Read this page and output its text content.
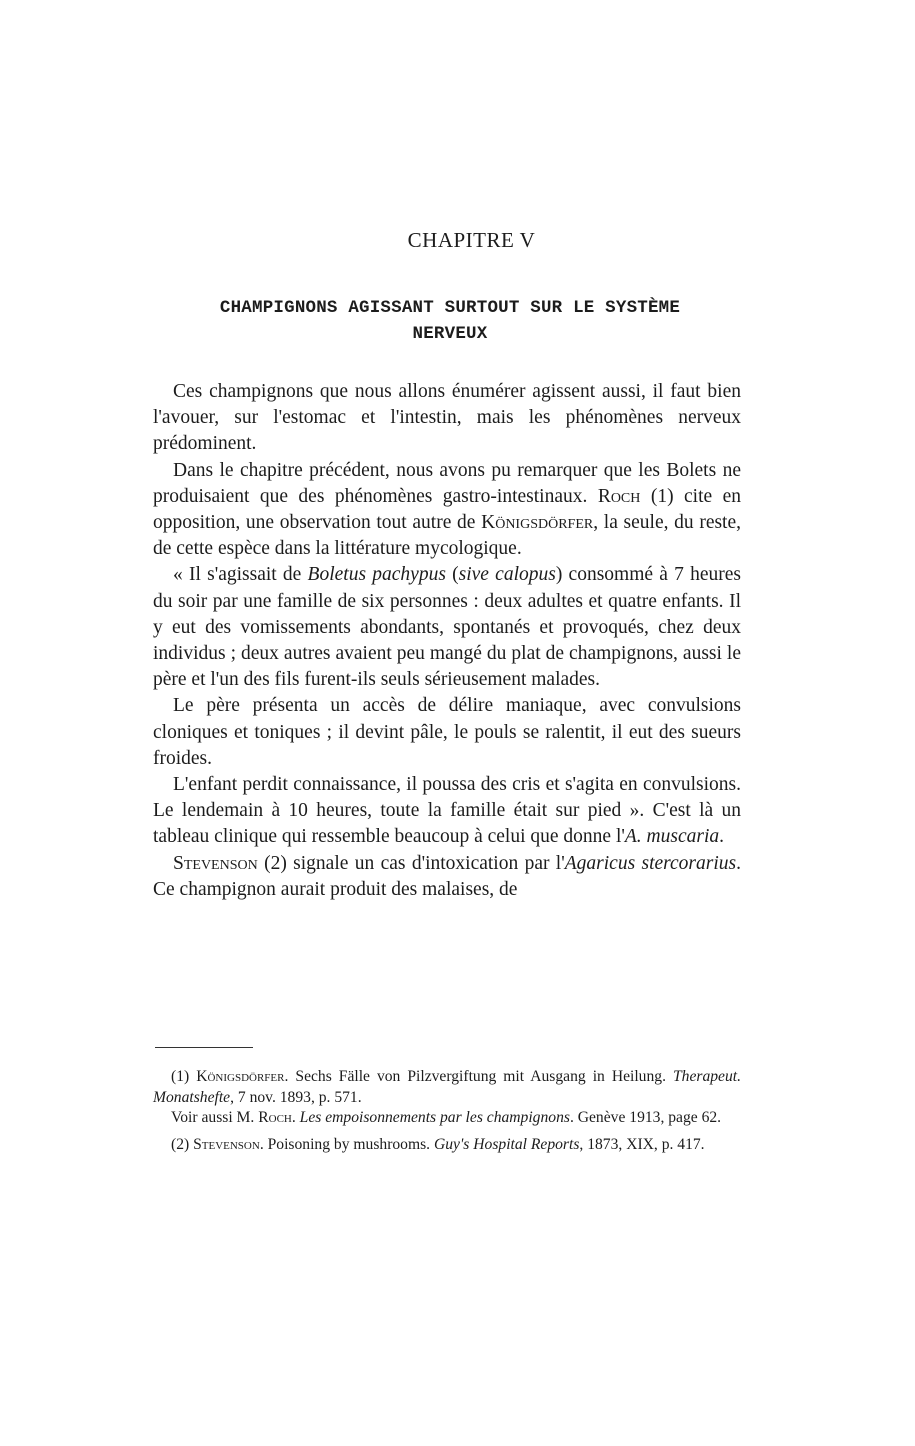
CHAPITRE V
CHAMPIGNONS AGISSANT SURTOUT SUR LE SYSTÈME
NERVEUX

Ces champignons que nous allons énumérer agissent aussi, il faut bien l'avouer, sur l'estomac et l'intestin, mais les phénomènes nerveux prédominent.

Dans le chapitre précédent, nous avons pu remarquer que les Bolets ne produisaient que des phénomènes gastro-intestinaux. Roch (1) cite en opposition, une observation tout autre de Königsdörfer, la seule, du reste, de cette espèce dans la littérature mycologique.

« Il s'agissait de Boletus pachypus (sive calopus) consommé à 7 heures du soir par une famille de six personnes : deux adultes et quatre enfants. Il y eut des vomissements abondants, spontanés et provoqués, chez deux individus ; deux autres avaient peu mangé du plat de champignons, aussi le père et l'un des fils furent-ils seuls sérieusement malades.

Le père présenta un accès de délire maniaque, avec convulsions cloniques et toniques ; il devint pâle, le pouls se ralentit, il eut des sueurs froides.

L'enfant perdit connaissance, il poussa des cris et s'agita en convulsions. Le lendemain à 10 heures, toute la famille était sur pied ». C'est là un tableau clinique qui ressemble beaucoup à celui que donne l'A. muscaria.

Stevenson (2) signale un cas d'intoxication par l'Agaricus stercorarius. Ce champignon aurait produit des malaises, de

(1) Königsdörfer. Sechs Fälle von Pilzvergiftung mit Ausgang in Heilung. Therapeut. Monatshefte, 7 nov. 1893, p. 571.

Voir aussi M. Roch. Les empoisonnements par les champignons. Genève 1913, page 62.

(2) Stevenson. Poisoning by mushrooms. Guy's Hospital Reports, 1873, XIX, p. 417.
